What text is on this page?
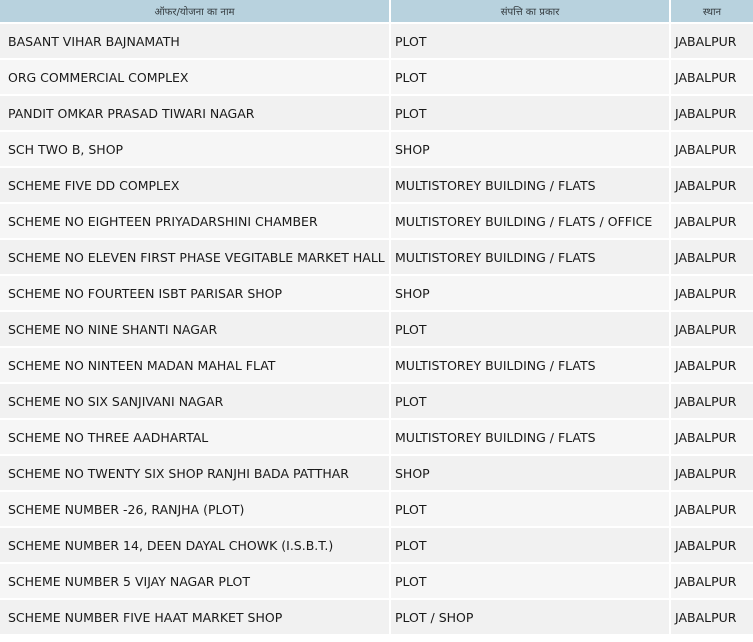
ऑफर/योजना का नाम	संपत्ति का प्रकार	स्थान
BASANT VIHAR BAJNAMATH	PLOT	JABALPUR
ORG COMMERCIAL COMPLEX	PLOT	JABALPUR
PANDIT OMKAR PRASAD TIWARI NAGAR	PLOT	JABALPUR
SCH TWO B, SHOP	SHOP	JABALPUR
SCHEME FIVE DD COMPLEX	MULTISTOREY BUILDING / FLATS	JABALPUR
SCHEME NO EIGHTEEN PRIYADARSHINI CHAMBER	MULTISTOREY BUILDING / FLATS / OFFICE	JABALPUR
SCHEME NO ELEVEN FIRST PHASE VEGITABLE MARKET HALL	MULTISTOREY BUILDING / FLATS	JABALPUR
SCHEME NO FOURTEEN ISBT PARISAR SHOP	SHOP	JABALPUR
SCHEME NO NINE SHANTI NAGAR	PLOT	JABALPUR
SCHEME NO NINTEEN MADAN MAHAL FLAT	MULTISTOREY BUILDING / FLATS	JABALPUR
SCHEME NO SIX SANJIVANI NAGAR	PLOT	JABALPUR
SCHEME NO THREE AADHARTAL	MULTISTOREY BUILDING / FLATS	JABALPUR
SCHEME NO TWENTY SIX SHOP RANJHI BADA PATTHAR	SHOP	JABALPUR
SCHEME NUMBER -26, RANJHA (PLOT)	PLOT	JABALPUR
SCHEME NUMBER 14, DEEN DAYAL CHOWK (I.S.B.T.)	PLOT	JABALPUR
SCHEME NUMBER 5 VIJAY NAGAR PLOT	PLOT	JABALPUR
SCHEME NUMBER FIVE HAAT MARKET SHOP	PLOT / SHOP	JABALPUR
